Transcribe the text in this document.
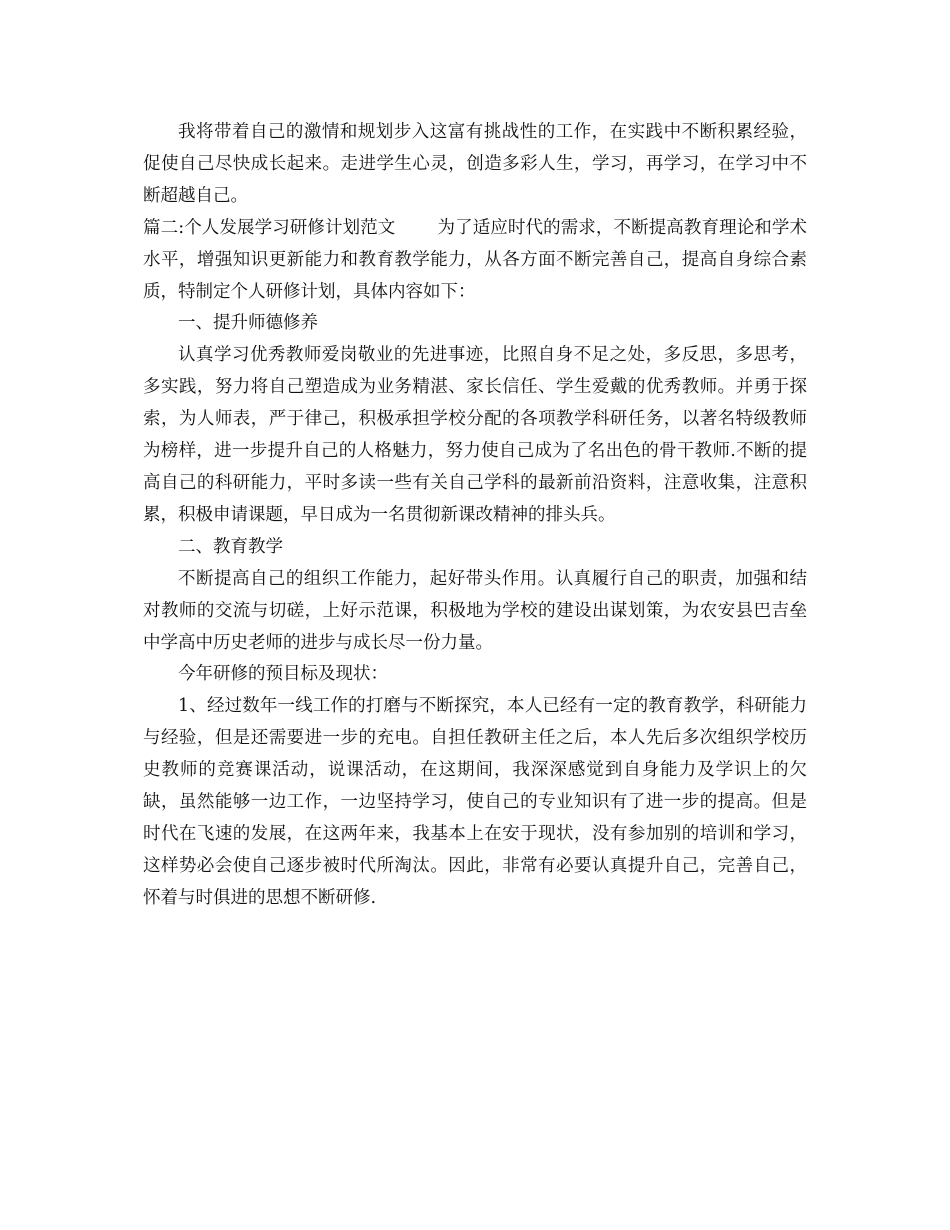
我将带着自己的激情和规划步入这富有挑战性的工作，在实践中不断积累经验，促使自己尽快成长起来。走进学生心灵，创造多彩人生，学习，再学习，在学习中不断超越自己。

篇二:个人发展学习研修计划范文 为了适应时代的需求，不断提高教育理论和学术水平，增强知识更新能力和教育教学能力，从各方面不断完善自己，提高自身综合素质，特制定个人研修计划，具体内容如下：

一、提升师德修养

认真学习优秀教师爱岗敬业的先进事迹，比照自身不足之处，多反思，多思考，多实践，努力将自己塑造成为业务精湛、家长信任、学生爱戴的优秀教师。并勇于探索，为人师表，严于律己，积极承担学校分配的各项教学科研任务，以著名特级教师为榜样，进一步提升自己的人格魅力，努力使自己成为了名出色的骨干教师.不断的提高自己的科研能力，平时多读一些有关自己学科的最新前沿资料，注意收集，注意积累，积极申请课题，早日成为一名贯彻新课改精神的排头兵。

二、教育教学

不断提高自己的组织工作能力，起好带头作用。认真履行自己的职责，加强和结对教师的交流与切磋，上好示范课，积极地为学校的建设出谋划策，为农安县巴吉垒中学高中历史老师的进步与成长尽一份力量。

今年研修的预目标及现状：

1、经过数年一线工作的打磨与不断探究，本人已经有一定的教育教学，科研能力与经验，但是还需要进一步的充电。自担任教研主任之后，本人先后多次组织学校历史教师的竞赛课活动，说课活动，在这期间，我深深感觉到自身能力及学识上的欠缺，虽然能够一边工作，一边坚持学习，使自己的专业知识有了进一步的提高。但是时代在飞速的发展，在这两年来，我基本上在安于现状，没有参加别的培训和学习，这样势必会使自己逐步被时代所淘汰。因此，非常有必要认真提升自己，完善自己，怀着与时俱进的思想不断研修.
